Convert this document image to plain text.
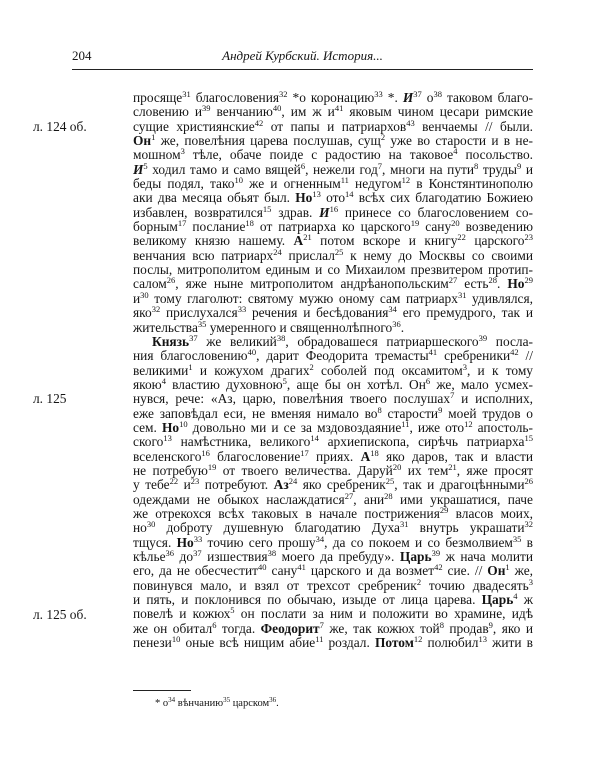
204	Андрей Курбский. История...
л. 124 об.
л. 125
л. 125 об.
просяще$^{31}$ благословения$^{32}$ *о коронацию$^{33}$ *. $И^{37}$ $о^{38}$ таковом благо-
словению $и^{39}$ венчанию$^{40}$, им ж $и^{41}$ яковым чином цесари римские
сущие християнские$^{42}$ от папы и патриархов$^{43}$ венчаемы // были.
$Он^1$ же, повелѣния царева послушав, сущ$^2$ уже во старости и в не-
мошном$^3$ тѣле, обаче поиде с радостию на таковое$^4$ посольство.
$И^5$ ходил тамо и само вящей$^6$, нежели год$^7$, многи на пути$^8$ труды$^9$ и
беды подял, тако$^{10}$ же и огненным$^{11}$ недугом$^{12}$ в Констянтинополю
аки два месяца обьят был. $Но^{13}$ ото$^{14}$ всѣх сих благодатию Божиею
избавлен, возвратился$^{15}$ здрав. $И^{16}$ принесе со благословением со-
борным$^{17}$ послание$^{18}$ от патриарха ко царского$^{19}$ сану$^{20}$ возведению
великому князю нашему. $А^{21}$ потом вскоре и книгу$^{22}$ царского$^{23}$
венчания всю патриарх$^{24}$ прислал$^{25}$ к нему до Москвы со своими
послы, митрополитом единым и со Михаилом презвитером протип-
салом$^{26}$, яже ныне митрополитом андрѣанопольским$^{27}$ есть$^{28}$. $Но^{29}$
$и^{30}$ тому глаголют: святому мужю оному сам патриарх$^{31}$ удивлялся,
яко$^{32}$ прислухался$^{33}$ речения и бесѣдования$^{34}$ его премудрого, так и
жительства$^{35}$ умеренного и священнолѣпного$^{36}$.
Князь$^{37}$ же великий$^{38}$, обрадовашеся патриаршеского$^{39}$ посла-
ния благословению$^{40}$, дарит Феодорита тремасты$^{41}$ сребреники$^{42}$ //
великими$^1$ и кожухом драгих$^2$ соболей под оксамитом$^3$, и к тому
якою$^4$ властию духовною$^5$, аще бы он хотѣл. $Он^6$ же, мало усмех-
нувся, рече: «Аз, царю, повелѣния твоего послушах$^7$ и исполних,
еже заповѣдал еси, не вменяя нимало $во^8$ старости$^9$ моей трудов о
сем. $Но^{10}$ довольно ми и се за мздовоздаяние$^{11}$, иже ото$^{12}$ апостоль-
ского$^{13}$ намѣстника, великого$^{14}$ архиепископа, сирѣчь патриарха$^{15}$
вселенского$^{16}$ благословение$^{17}$ приях. $А^{18}$ яко даров, так и власти
не потребую$^{19}$ от твоего величества. Даруй$^{20}$ их тем$^{21}$, яже просят
у тебе$^{22}$ $и^{23}$ потребуют. $Аз^{24}$ яко сребреник$^{25}$, так и драгоцѣнными$^{26}$
одеждами не обыкох наслаждатися$^{27}$, ани$^{28}$ ими украшатися, паче
же отрекохся всѣх таковых в начале пострижения$^{29}$ власов моих,
$но^{30}$ доброту душевную благодатию Духа$^{31}$ внутрь украшати$^{32}$
тщуся. $Но^{33}$ точию сего прошу$^{34}$, да со покоем и со безмолвием$^{35}$ в
кѣлье$^{36}$ $до^{37}$ изшествия$^{38}$ моего да пребуду». Царь$^{39}$ ж нача молити
его, да не обесчестит$^{40}$ сану$^{41}$ царского и да возмет$^{42}$ сие. // $Он^1$ же,
повинувся мало, и взял от трехсот сребреник$^2$ точию двадесять$^3$
и пять, и поклонився по обычаю, изыде от лица царева. Царь$^4$ ж
повелѣ и кожюх$^5$ он послати за ним и положити во храмине, идѣ
же он обитал$^6$ тогда. Феодорит$^7$ же, так кожюх той$^8$ продав$^9$, яко и
пенези$^{10}$ оные всѣ нищим абие$^{11}$ роздал. Потом$^{12}$ полюбил$^{13}$ жити в
* $о^{34}$ вѣнчанию$^{35}$ царском$^{36}$.
